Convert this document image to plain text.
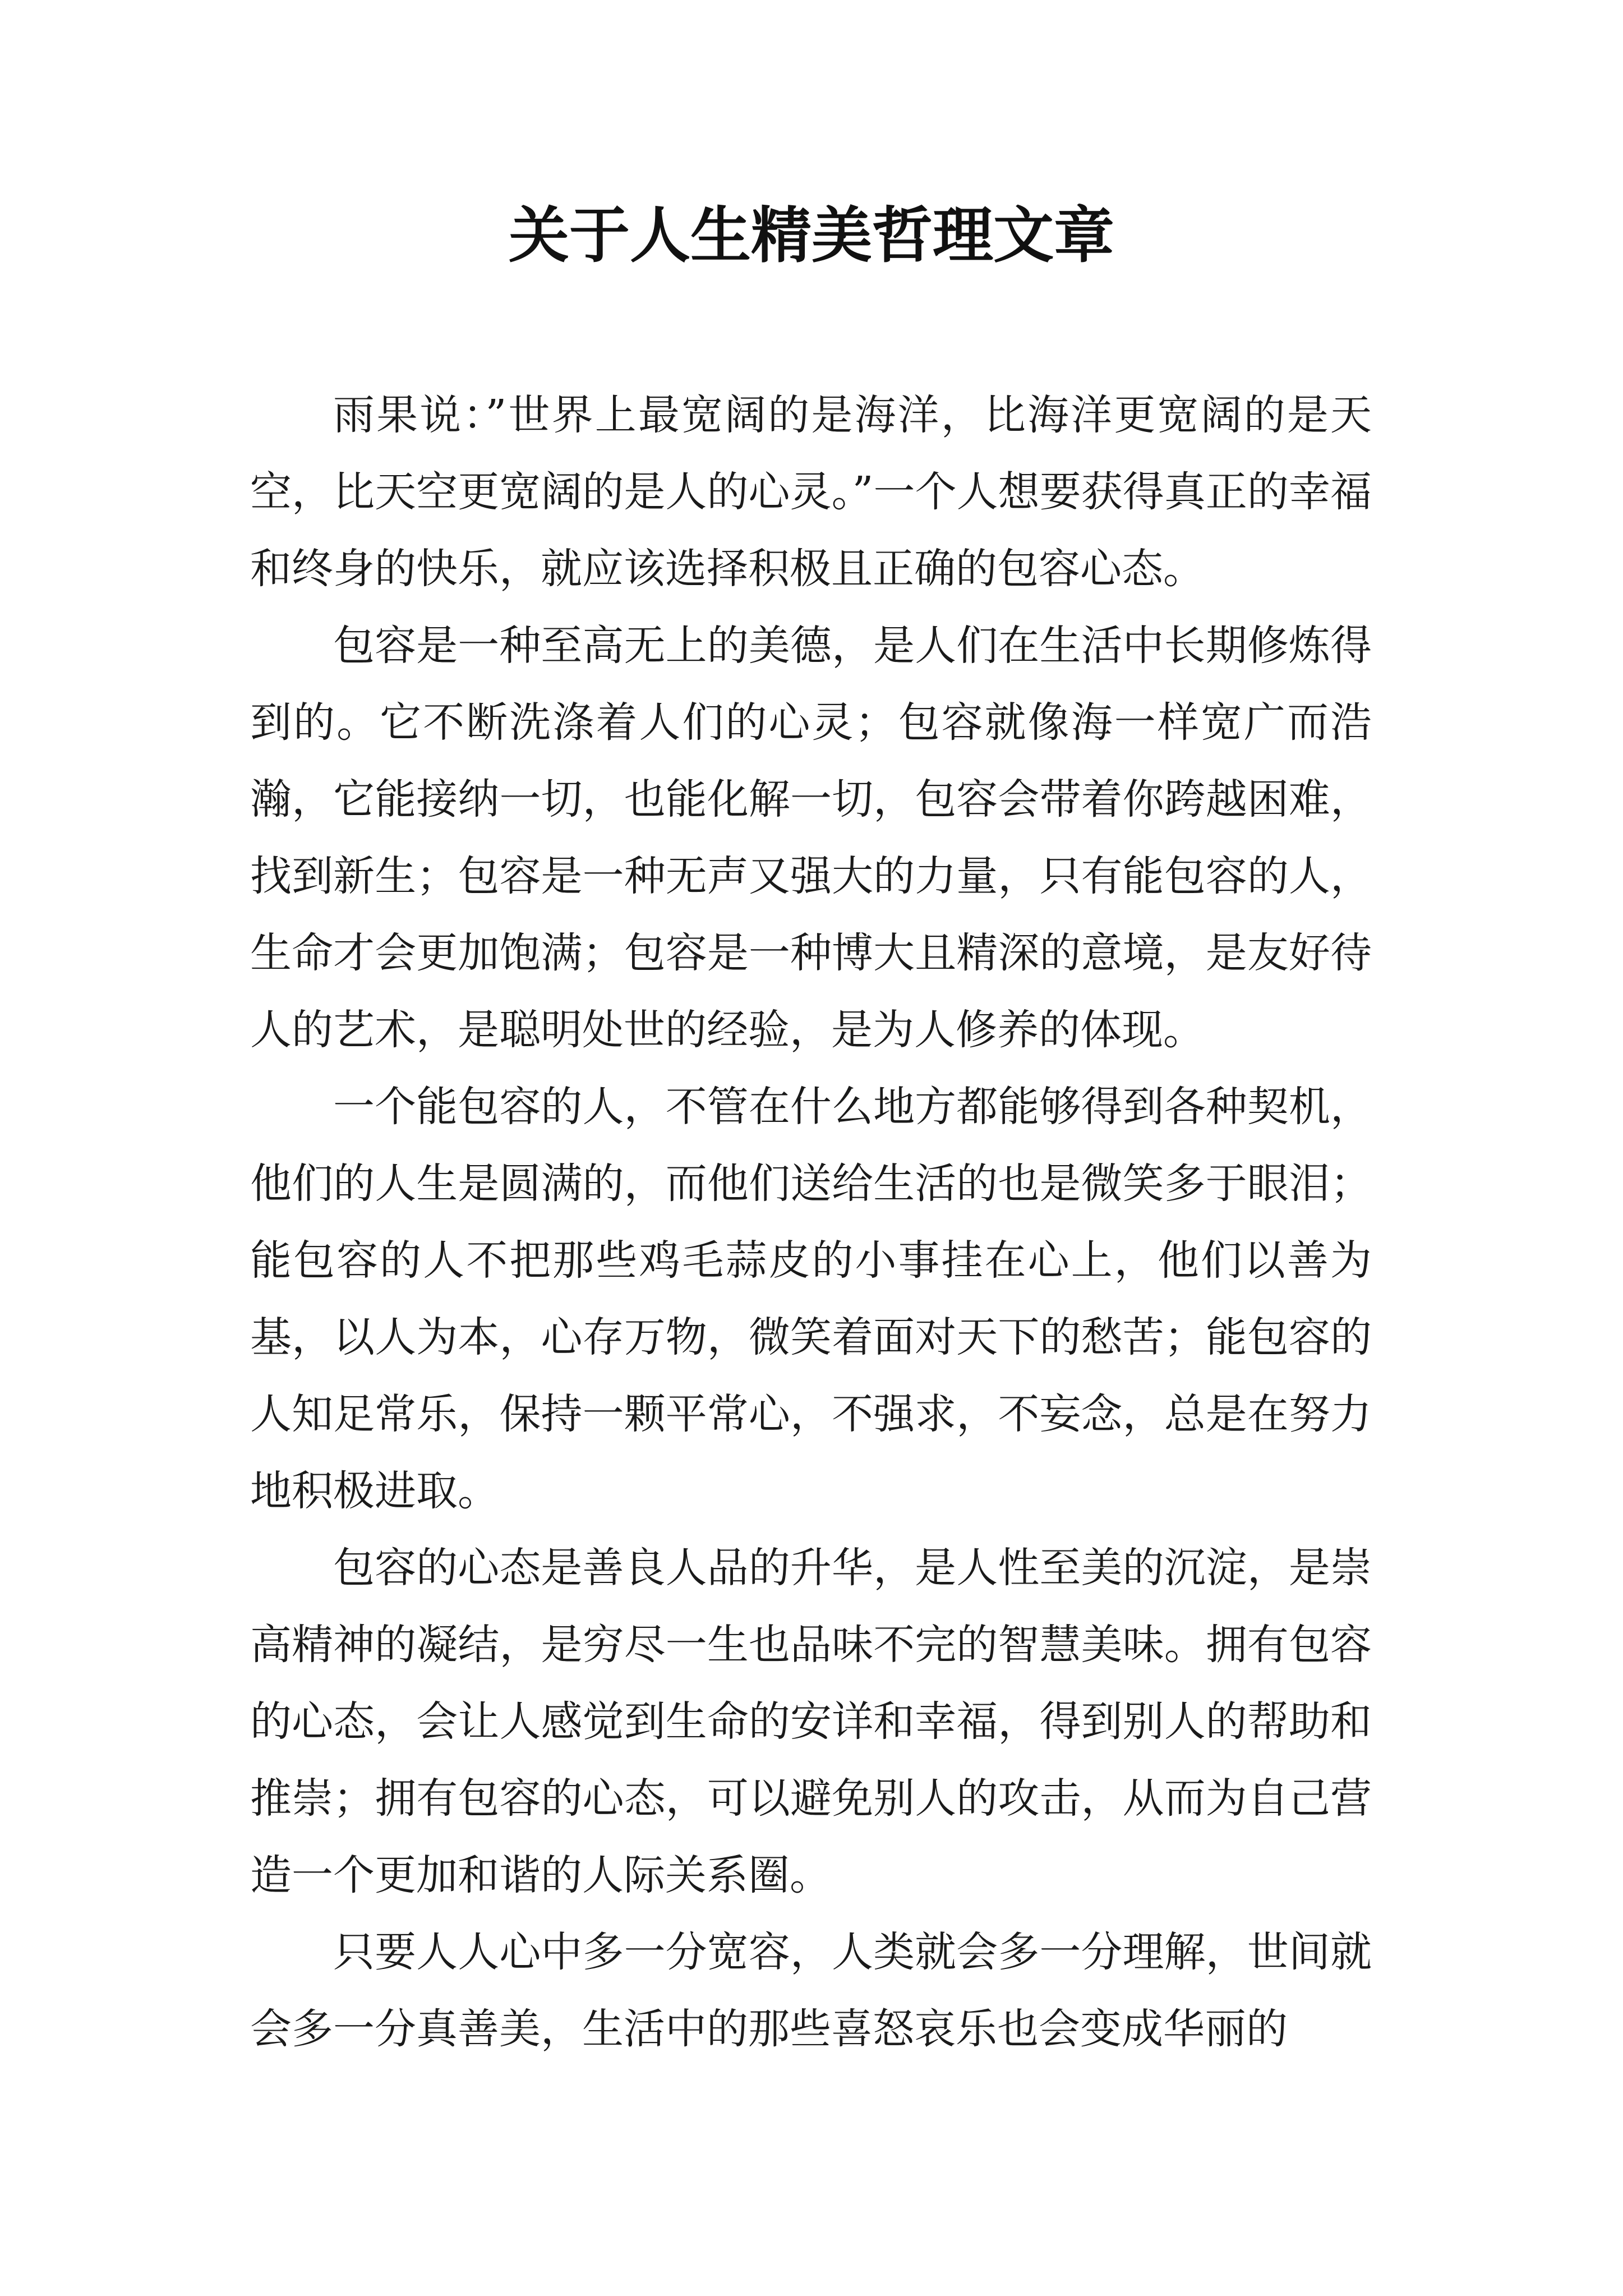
关于人生精美哲理文章

雨果说：”世界上最宽阔的是海洋，比海洋更宽阔的是天空，比天空更宽阔的是人的心灵。”一个人想要获得真正的幸福和终身的快乐，就应该选择积极且正确的包容心态。

包容是一种至高无上的美德，是人们在生活中长期修炼得到的。它不断洗涤着人们的心灵；包容就像海一样宽广而浩瀚，它能接纳一切，也能化解一切，包容会带着你跨越困难，找到新生；包容是一种无声又强大的力量，只有能包容的人，生命才会更加饱满；包容是一种博大且精深的意境，是友好待人的艺术，是聪明处世的经验，是为人修养的体现。

一个能包容的人，不管在什么地方都能够得到各种契机，他们的人生是圆满的，而他们送给生活的也是微笑多于眼泪；能包容的人不把那些鸡毛蒜皮的小事挂在心上，他们以善为基，以人为本，心存万物，微笑着面对天下的愁苦；能包容的人知足常乐，保持一颗平常心，不强求，不妄念，总是在努力地积极进取。

包容的心态是善良人品的升华，是人性至美的沉淀，是崇高精神的凝结，是穷尽一生也品味不完的智慧美味。拥有包容的心态，会让人感觉到生命的安详和幸福，得到别人的帮助和推崇；拥有包容的心态，可以避免别人的攻击，从而为自己营造一个更加和谐的人际关系圈。

只要人人心中多一分宽容，人类就会多一分理解，世间就会多一分真善美，生活中的那些喜怒哀乐也会变成华丽的
